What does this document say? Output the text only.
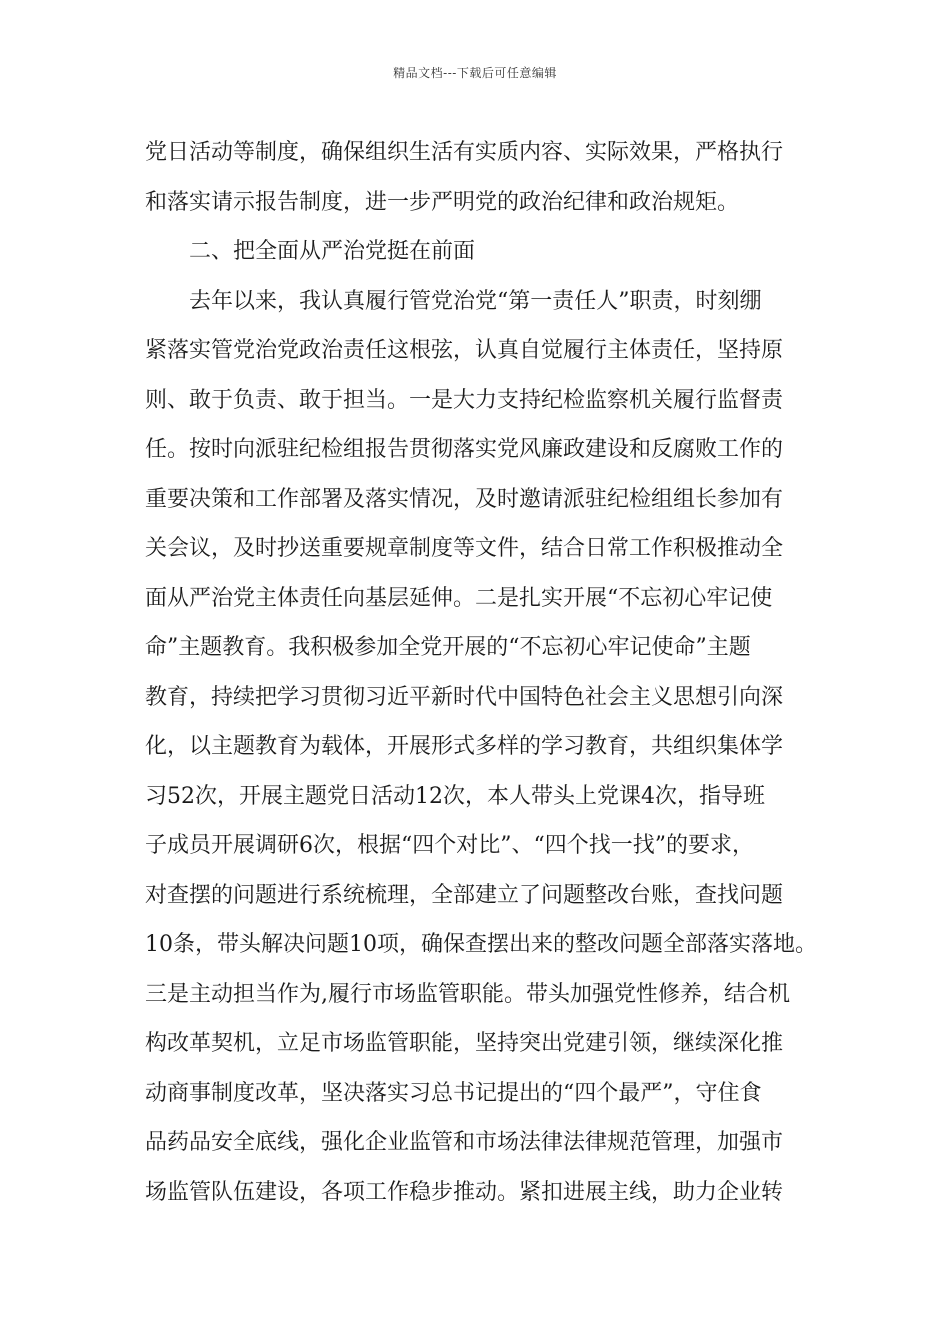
精品文档---下载后可任意编辑
党日活动等制度，确保组织生活有实质内容、实际效果，严格执行
和落实请示报告制度，进一步严明党的政治纪律和政治规矩。
二、把全面从严治党挺在前面
去年以来，我认真履行管党治党“第一责任人”职责，时刻绷
紧落实管党治党政治责任这根弦，认真自觉履行主体责任，坚持原
则、敢于负责、敢于担当。一是大力支持纪检监察机关履行监督责
任。按时向派驻纪检组报告贯彻落实党风廉政建设和反腐败工作的
重要决策和工作部署及落实情况，及时邀请派驻纪检组组长参加有
关会议，及时抄送重要规章制度等文件，结合日常工作积极推动全
面从严治党主体责任向基层延伸。二是扎实开展“不忘初心牢记使
命”主题教育。我积极参加全党开展的“不忘初心牢记使命”主题
教育，持续把学习贯彻习近平新时代中国特色社会主义思想引向深
化，以主题教育为载体，开展形式多样的学习教育，共组织集体学
习52次，开展主题党日活动12次，本人带头上党课4次，指导班
子成员开展调研6次，根据“四个对比”、“四个找一找”的要求，
对查摆的问题进行系统梳理，全部建立了问题整改台账，查找问题
10条，带头解决问题10项，确保查摆出来的整改问题全部落实落地。
三是主动担当作为,履行市场监管职能。带头加强党性修养，结合机
构改革契机，立足市场监管职能，坚持突出党建引领，继续深化推
动商事制度改革，坚决落实习总书记提出的“四个最严”，守住食
品药品安全底线，强化企业监管和市场法律法律规范管理，加强市
场监管队伍建设，各项工作稳步推动。紧扣进展主线，助力企业转
